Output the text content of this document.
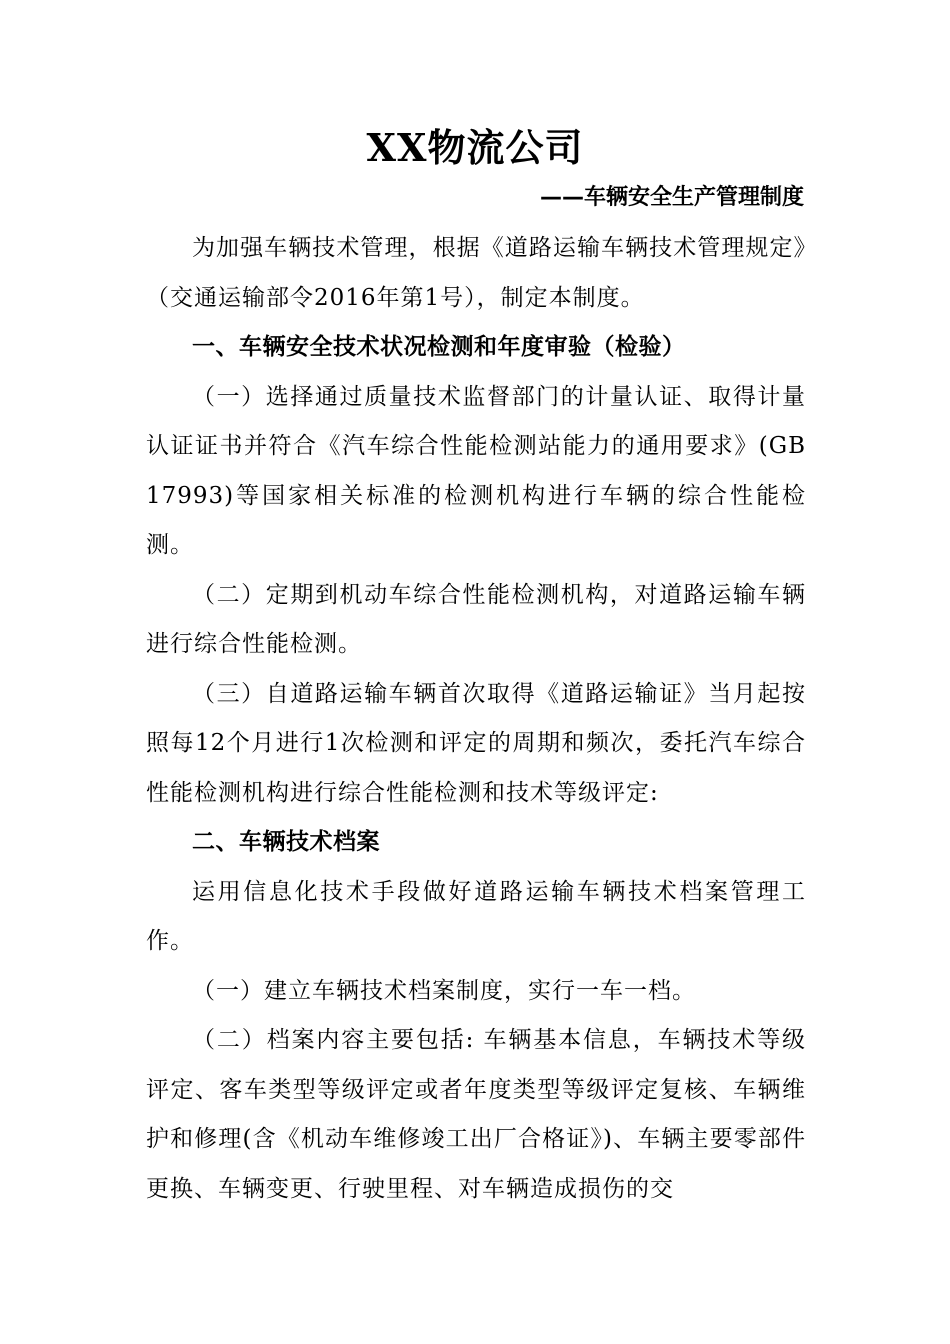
XX物流公司
——车辆安全生产管理制度

为加强车辆技术管理，根据《道路运输车辆技术管理规定》（交通运输部令2016年第1号），制定本制度。

一、车辆安全技术状况检测和年度审验（检验）

（一）选择通过质量技术监督部门的计量认证、取得计量认证证书并符合《汽车综合性能检测站能力的通用要求》(GB 17993)等国家相关标准的检测机构进行车辆的综合性能检测。

（二）定期到机动车综合性能检测机构，对道路运输车辆进行综合性能检测。

（三）自道路运输车辆首次取得《道路运输证》当月起按照每12个月进行1次检测和评定的周期和频次，委托汽车综合性能检测机构进行综合性能检测和技术等级评定:

二、车辆技术档案

运用信息化技术手段做好道路运输车辆技术档案管理工作。

（一）建立车辆技术档案制度，实行一车一档。

（二）档案内容主要包括: 车辆基本信息，车辆技术等级评定、客车类型等级评定或者年度类型等级评定复核、车辆维护和修理(含《机动车维修竣工出厂合格证》)、车辆主要零部件更换、车辆变更、行驶里程、对车辆造成损伤的交
